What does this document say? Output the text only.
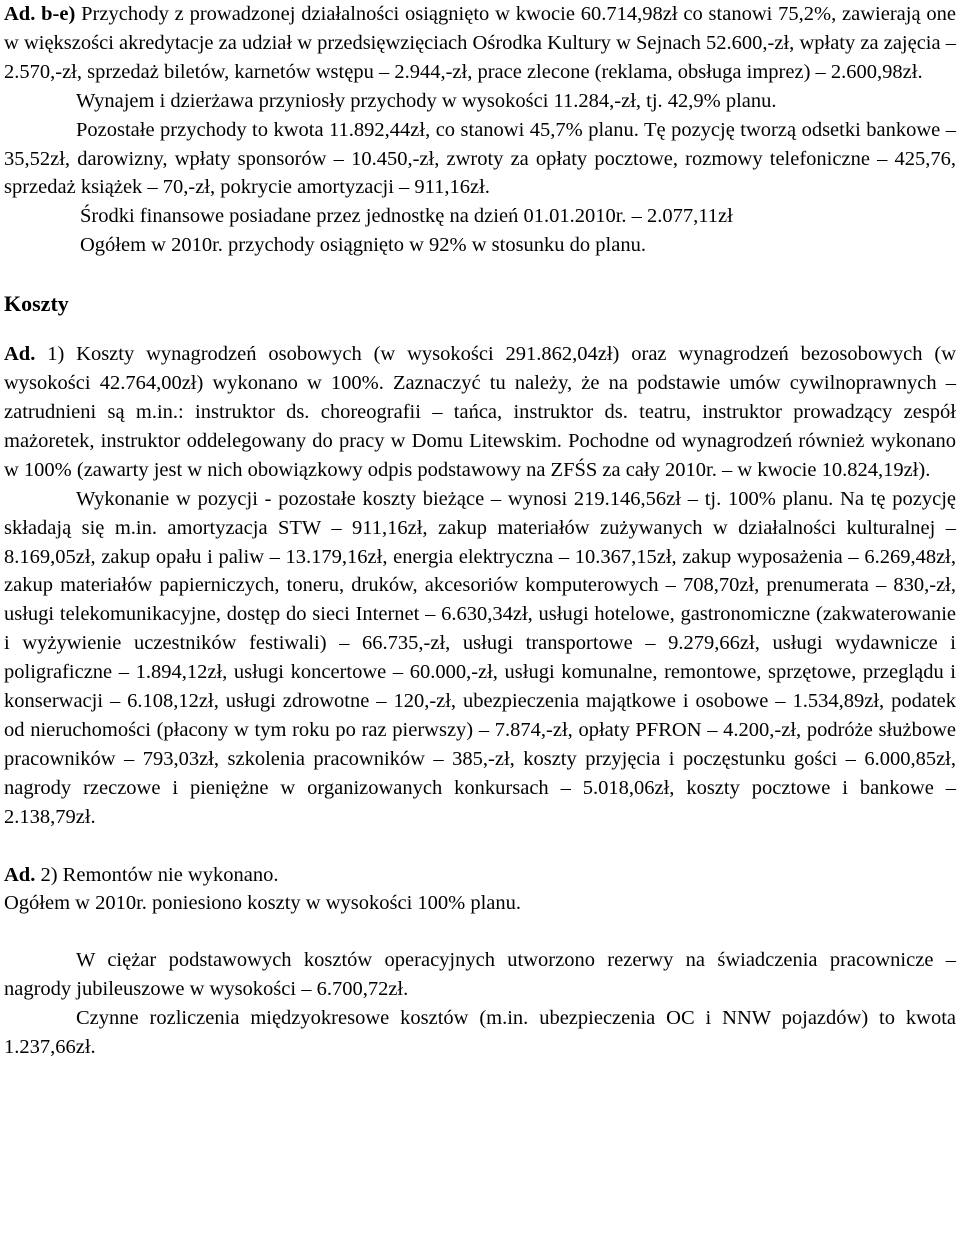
Ad. b-e) Przychody z prowadzonej działalności osiągnięto w kwocie 60.714,98zł co stanowi 75,2%, zawierają one w większości akredytacje za udział w przedsięwzięciach Ośrodka Kultury w Sejnach 52.600,-zł, wpłaty za zajęcia – 2.570,-zł, sprzedaż biletów, karnetów wstępu – 2.944,-zł, prace zlecone (reklama, obsługa imprez) – 2.600,98zł.

Wynajem i dzierżawa przyniosły przychody w wysokości 11.284,-zł, tj. 42,9% planu.

Pozostałe przychody to kwota 11.892,44zł, co stanowi 45,7% planu. Tę pozycję tworzą odsetki bankowe – 35,52zł, darowizny, wpłaty sponsorów – 10.450,-zł, zwroty za opłaty pocztowe, rozmowy telefoniczne – 425,76, sprzedaż książek – 70,-zł, pokrycie amortyzacji – 911,16zł.

Środki finansowe posiadane przez jednostkę na dzień 01.01.2010r. – 2.077,11zł

Ogółem w 2010r. przychody osiągnięto w 92% w stosunku do planu.

Koszty

Ad. 1) Koszty wynagrodzeń osobowych (w wysokości 291.862,04zł) oraz wynagrodzeń bezosobowych (w wysokości 42.764,00zł) wykonano w 100%. Zaznaczyć tu należy, że na podstawie umów cywilnoprawnych – zatrudnieni są m.in.: instruktor ds. choreografii – tańca, instruktor ds. teatru, instruktor prowadzący zespół mażoretek, instruktor oddelegowany do pracy w Domu Litewskim. Pochodne od wynagrodzeń również wykonano w 100% (zawarty jest w nich obowiązkowy odpis podstawowy na ZFŚS za cały 2010r. – w kwocie 10.824,19zł).

Wykonanie w pozycji - pozostałe koszty bieżące – wynosi 219.146,56zł – tj. 100% planu. Na tę pozycję składają się m.in. amortyzacja STW – 911,16zł, zakup materiałów zużywanych w działalności kulturalnej – 8.169,05zł, zakup opału i paliw – 13.179,16zł, energia elektryczna – 10.367,15zł, zakup wyposażenia – 6.269,48zł, zakup materiałów papierniczych, toneru, druków, akcesoriów komputerowych – 708,70zł, prenumerata – 830,-zł, usługi telekomunikacyjne, dostęp do sieci Internet – 6.630,34zł, usługi hotelowe, gastronomiczne (zakwaterowanie i wyżywienie uczestników festiwali) – 66.735,-zł, usługi transportowe – 9.279,66zł, usługi wydawnicze i poligraficzne – 1.894,12zł, usługi koncertowe – 60.000,-zł, usługi komunalne, remontowe, sprzętowe, przeglądu i konserwacji – 6.108,12zł, usługi zdrowotne – 120,-zł, ubezpieczenia majątkowe i osobowe – 1.534,89zł, podatek od nieruchomości (płacony w tym roku po raz pierwszy) – 7.874,-zł, opłaty PFRON – 4.200,-zł, podróże służbowe pracowników – 793,03zł, szkolenia pracowników – 385,-zł, koszty przyjęcia i poczęstunku gości – 6.000,85zł, nagrody rzeczowe i pieniężne w organizowanych konkursach – 5.018,06zł, koszty pocztowe i bankowe – 2.138,79zł.

Ad. 2) Remontów nie wykonano.

Ogółem w 2010r. poniesiono koszty w wysokości 100% planu.

W ciężar podstawowych kosztów operacyjnych utworzono rezerwy na świadczenia pracownicze – nagrody jubileuszowe w wysokości – 6.700,72zł.

Czynne rozliczenia międzyokresowe kosztów (m.in. ubezpieczenia OC i NNW pojazdów) to kwota 1.237,66zł.
